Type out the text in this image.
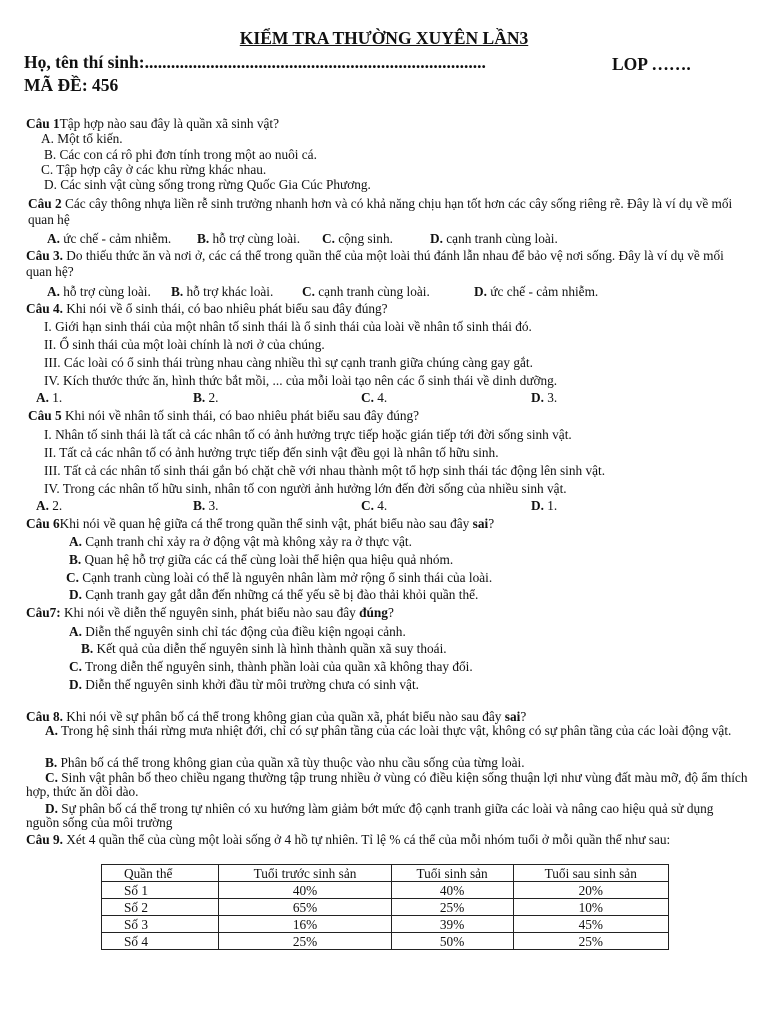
KIỂM TRA THƯỜNG XUYÊN LẦN3
Họ, tên thí sinh:..............................................................................	LOP …….
MÃ ĐỀ: 456
Câu 1Tập hợp nào sau đây là quần xã sinh vật?
A. Một tổ kiến.
B. Các con cá rô phi đơn tính trong một ao nuôi cá.
C. Tập hợp cây ở các khu rừng khác nhau.
D. Các sinh vật cùng sống trong rừng Quốc Gia Cúc Phương.
Câu 2 Các cây thông nhựa liền rễ sinh trưởng nhanh hơn và có khả năng chịu hạn tốt hơn các cây sống riêng rẽ. Đây là ví dụ về mối quan hệ
A. ức chế - cảm nhiễm. B. hỗ trợ cùng loài. C. cộng sinh.	D. cạnh tranh cùng loài.
Câu 3. Do thiếu thức ăn và nơi ở, các cá thể trong quần thể của một loài thú đánh lẫn nhau để bảo vệ nơi sống. Đây là ví dụ về mối quan hệ?
A. hỗ trợ cùng loài. B. hỗ trợ khác loài. C. cạnh tranh cùng loài.	D. ức chế - cảm nhiễm.
Câu 4. Khi nói về ổ sinh thái, có bao nhiêu phát biểu sau đây đúng?
I. Giới hạn sinh thái của một nhân tố sinh thái là ổ sinh thái của loài về nhân tố sinh thái đó.
II. Ổ sinh thái của một loài chính là nơi ở của chúng.
III. Các loài có ổ sinh thái trùng nhau càng nhiều thì sự cạnh tranh giữa chúng càng gay gắt.
IV. Kích thước thức ăn, hình thức bắt mồi, ... của mỗi loài tạo nên các ổ sinh thái về dinh dưỡng.
A. 1.	B. 2.	C. 4.	D. 3.
Câu 5 Khi nói về nhân tố sinh thái, có bao nhiêu phát biểu sau đây đúng?
I. Nhân tố sinh thái là tất cả các nhân tố có ảnh hưởng trực tiếp hoặc gián tiếp tới đời sống sinh vật.
II. Tất cả các nhân tố có ảnh hưởng trực tiếp đến sinh vật đều gọi là nhân tố hữu sinh.
III. Tất cả các nhân tố sinh thái gắn bó chặt chẽ với nhau thành một tổ hợp sinh thái tác động lên sinh vật.
IV. Trong các nhân tố hữu sinh, nhân tố con người ảnh hưởng lớn đến đời sống của nhiều sinh vật.
A. 2.	B. 3.	C. 4.	D. 1.
Câu 6Khi nói về quan hệ giữa cá thể trong quần thể sinh vật, phát biểu nào sau đây sai?
A. Cạnh tranh chỉ xảy ra ở động vật mà không xảy ra ở thực vật.
B. Quan hệ hỗ trợ giữa các cá thể cùng loài thể hiện qua hiệu quả nhóm.
C. Cạnh tranh cùng loài có thể là nguyên nhân làm mở rộng ổ sinh thái của loài.
D. Cạnh tranh gay gắt dẫn đến những cá thể yếu sẽ bị đào thải khỏi quần thể.
Câu7: Khi nói về diễn thế nguyên sinh, phát biểu nào sau đây đúng?
A. Diễn thế nguyên sinh chỉ tác động của điều kiện ngoại cảnh.
B. Kết quả của diễn thế nguyên sinh là hình thành quần xã suy thoái.
C. Trong diễn thế nguyên sinh, thành phần loài của quần xã không thay đổi.
D. Diễn thế nguyên sinh khởi đầu từ môi trường chưa có sinh vật.
Câu 8. Khi nói về sự phân bố cá thể trong không gian của quần xã, phát biểu nào sau đây sai?
A. Trong hệ sinh thái rừng mưa nhiệt đới, chỉ có sự phân tầng của các loài thực vật, không có sự phân tầng của các loài động vật.
B. Phân bố cá thể trong không gian của quần xã tùy thuộc vào nhu cầu sống của từng loài.
C. Sinh vật phân bố theo chiều ngang thường tập trung nhiều ở vùng có điều kiện sống thuận lợi như vùng đất màu mỡ, độ ẩm thích hợp, thức ăn dồi dào.
D. Sự phân bố cá thể trong tự nhiên có xu hướng làm giảm bớt mức độ cạnh tranh giữa các loài và nâng cao hiệu quả sử dụng nguồn sống của môi trường
Câu 9. Xét 4 quần thể của cùng một loài sống ở 4 hồ tự nhiên. Tỉ lệ % cá thể của mỗi nhóm tuổi ở mỗi quần thể như sau:
Quần thể	Tuổi trước sinh sản	Tuổi sinh sản	Tuổi sau sinh sản
Số 1	40%	40%	20%
Số 2	65%	25%	10%
Số 3	16%	39%	45%
Số 4	25%	50%	25%
